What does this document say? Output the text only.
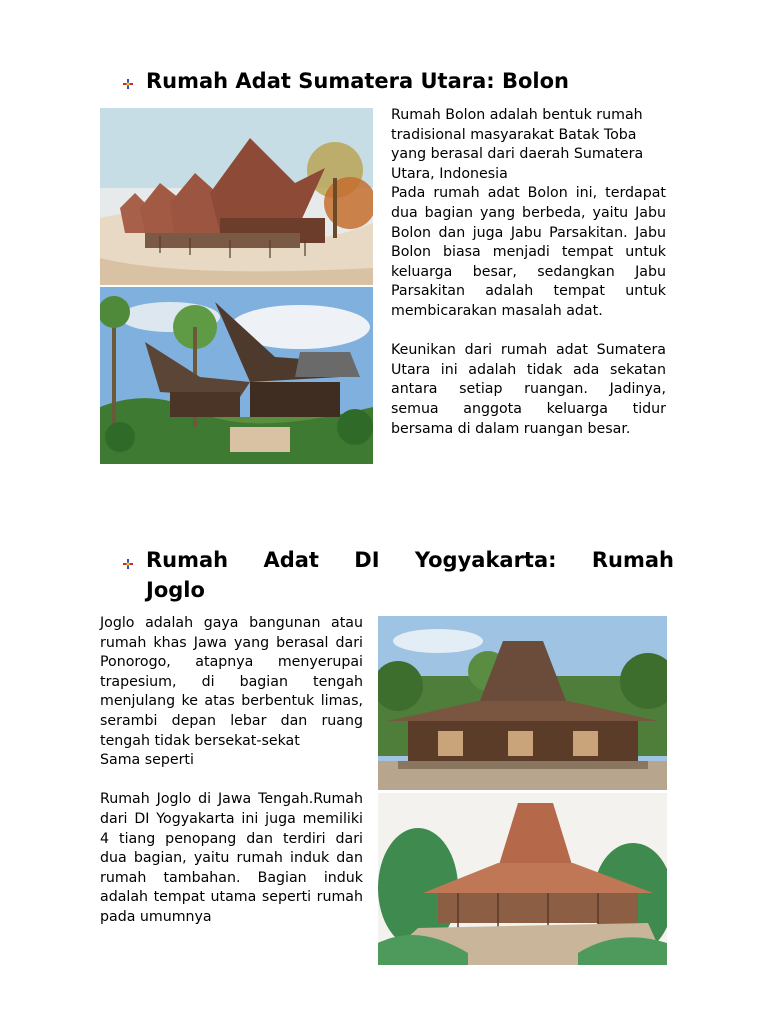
Rumah Adat Sumatera Utara: Bolon

Rumah Bolon adalah bentuk rumah tradisional masyarakat Batak Toba yang berasal dari daerah Sumatera Utara, Indonesia

Pada rumah adat Bolon ini, terdapat dua bagian yang berbeda, yaitu Jabu Bolon dan juga Jabu Parsakitan. Jabu Bolon biasa menjadi tempat untuk keluarga besar, sedangkan Jabu Parsakitan adalah tempat untuk membicarakan masalah adat.

Keunikan dari rumah adat Sumatera Utara ini adalah tidak ada sekatan antara setiap ruangan. Jadinya, semua anggota keluarga tidur bersama di dalam ruangan besar.

Rumah Adat DI Yogyakarta: Rumah
Joglo

Joglo adalah gaya bangunan atau rumah khas Jawa yang berasal dari Ponorogo, atapnya menyerupai trapesium, di bagian tengah menjulang ke atas berbentuk limas, serambi depan lebar dan ruang tengah tidak bersekat-sekat

Sama seperti

Rumah Joglo di Jawa Tengah.Rumah dari DI Yogyakarta ini juga memiliki 4 tiang penopang dan terdiri dari dua bagian, yaitu rumah induk dan rumah tambahan. Bagian induk adalah tempat utama seperti rumah pada umumnya
